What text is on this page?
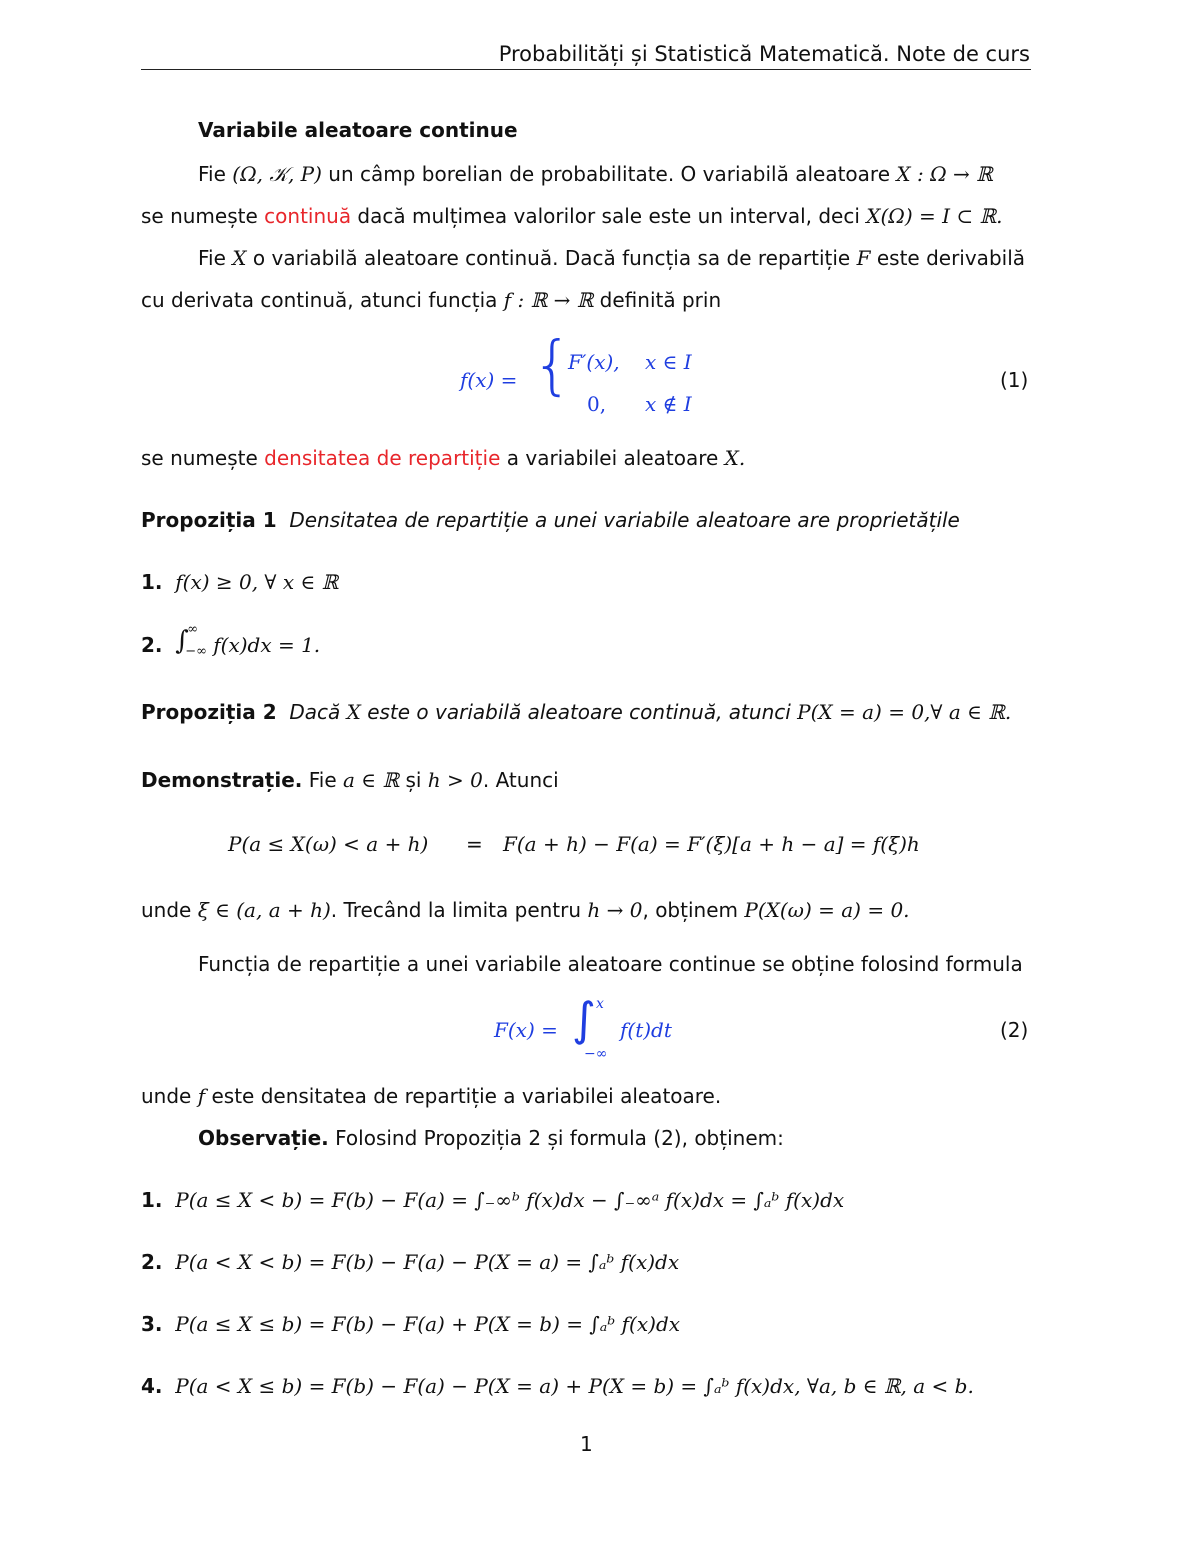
Probabilități și Statistică Matematică. Note de curs
Variabile aleatoare continue
Fie (Ω, 𝒦, P) un câmp borelian de probabilitate. O variabilă aleatoare X : Ω → ℝ
se numește continuă dacă mulțimea valorilor sale este un interval, deci X(Ω) = I ⊂ ℝ.
Fie X o variabilă aleatoare continuă. Dacă funcția sa de repartiție F este derivabilă
cu derivata continuă, atunci funcția f : ℝ → ℝ definită prin
f(x) = {
F′(x), x ∈ I
0, x ∉ I
(1)
se numește densitatea de repartiție a variabilei aleatoare X.
Propoziția 1 Densitatea de repartiție a unei variabile aleatoare are proprietățile
1. f(x) ≥ 0, ∀ x ∈ ℝ
2. ∫
∞
−∞ f(x)dx = 1.
Propoziția 2 Dacă X este o variabilă aleatoare continuă, atunci P(X = a) = 0,∀ a ∈ ℝ.
Demonstrație. Fie a ∈ ℝ și h > 0. Atunci
P(a ≤ X(ω) < a + h) = F(a + h) − F(a) = F′(ξ)[a + h − a] = f(ξ)h
unde ξ ∈ (a, a + h). Trecând la limita pentru h → 0, obținem P(X(ω) = a) = 0.
Funcția de repartiție a unei variabile aleatoare continue se obține folosind formula
F(x) = ∫ x
−∞
f(t)dt	(2)
unde f este densitatea de repartiție a variabilei aleatoare.
Observație. Folosind Propoziția 2 și formula (2), obținem:
1. P(a ≤ X < b) = F(b) − F(a) = ∫₋∞ᵇ f(x)dx − ∫₋∞ᵃ f(x)dx = ∫ₐᵇ f(x)dx
2. P(a < X < b) = F(b) − F(a) − P(X = a) = ∫ₐᵇ f(x)dx
3. P(a ≤ X ≤ b) = F(b) − F(a) + P(X = b) = ∫ₐᵇ f(x)dx
4. P(a < X ≤ b) = F(b) − F(a) − P(X = a) + P(X = b) = ∫ₐᵇ f(x)dx, ∀a, b ∈ ℝ, a < b.
1
